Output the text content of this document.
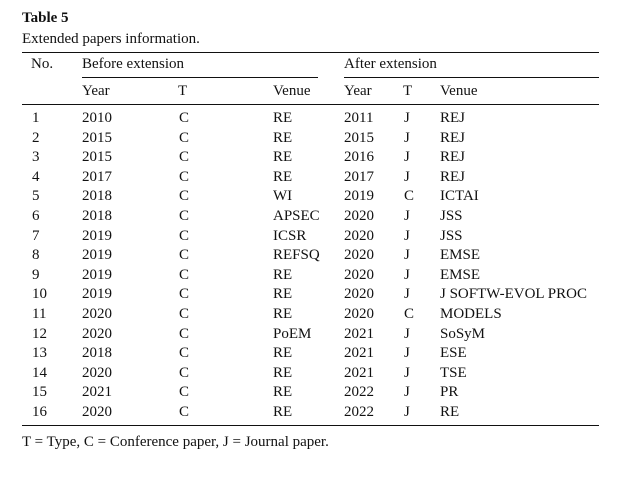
Table 5
Extended papers information.
No. Before extension	After extension
Year	T	Venue Year T Venue
1	2010	C	RE	2011 J REJ
2	2015	C	RE	2015 J REJ
3	2015	C	RE	2016 J REJ
4	2017	C	RE	2017 J REJ
5	2018	C	WI	2019 C ICTAI
6	2018	C	APSEC 2020 J JSS
7	2019	C	ICSR	2020 J JSS
8	2019	C	REFSQ 2020 J EMSE
9	2019	C	RE	2020 J EMSE
10 2019	C	RE	2020 J J SOFTW-EVOL PROC
11 2020	C	RE	2020 C MODELS
12 2020	C	PoEM 2021 J SoSyM
13 2018	C	RE	2021 J ESE
14 2020	C	RE	2021 J TSE
15 2021	C	RE	2022 J PR
16 2020	C	RE	2022 J RE
T = Type, C = Conference paper, J = Journal paper.
